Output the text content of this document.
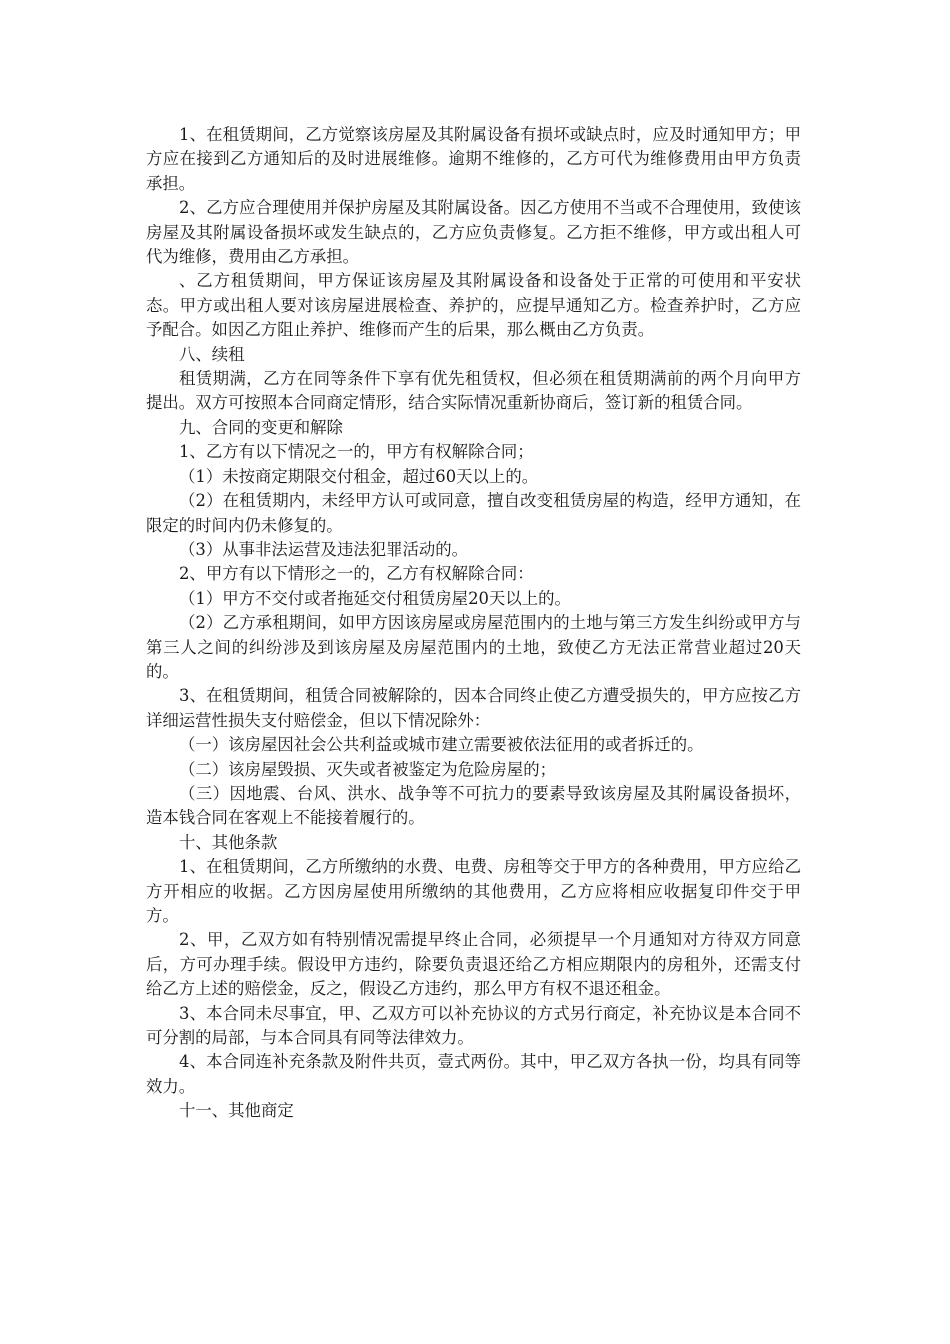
1、在租赁期间，乙方觉察该房屋及其附属设备有损坏或缺点时，应及时通知甲方；甲方应在接到乙方通知后的及时进展维修。逾期不维修的，乙方可代为维修费用由甲方负责承担。

2、乙方应合理使用并保护房屋及其附属设备。因乙方使用不当或不合理使用，致使该房屋及其附属设备损坏或发生缺点的，乙方应负责修复。乙方拒不维修，甲方或出租人可代为维修，费用由乙方承担。

、乙方租赁期间，甲方保证该房屋及其附属设备和设备处于正常的可使用和平安状态。甲方或出租人要对该房屋进展检查、养护的，应提早通知乙方。检查养护时，乙方应予配合。如因乙方阻止养护、维修而产生的后果，那么概由乙方负责。

八、续租

租赁期满，乙方在同等条件下享有优先租赁权，但必须在租赁期满前的两个月向甲方提出。双方可按照本合同商定情形，结合实际情况重新协商后，签订新的租赁合同。

九、合同的变更和解除

1、乙方有以下情况之一的，甲方有权解除合同；

（1）未按商定期限交付租金，超过60天以上的。

（2）在租赁期内，未经甲方认可或同意，擅自改变租赁房屋的构造，经甲方通知，在限定的时间内仍未修复的。

（3）从事非法运营及违法犯罪活动的。

2、甲方有以下情形之一的，乙方有权解除合同：

（1）甲方不交付或者拖延交付租赁房屋20天以上的。

（2）乙方承租期间，如甲方因该房屋或房屋范围内的土地与第三方发生纠纷或甲方与第三人之间的纠纷涉及到该房屋及房屋范围内的土地，致使乙方无法正常营业超过20天的。

3、在租赁期间，租赁合同被解除的，因本合同终止使乙方遭受损失的，甲方应按乙方详细运营性损失支付赔偿金，但以下情况除外：

（一）该房屋因社会公共利益或城市建立需要被依法征用的或者拆迁的。

（二）该房屋毁损、灭失或者被鉴定为危险房屋的；

（三）因地震、台风、洪水、战争等不可抗力的要素导致该房屋及其附属设备损坏，造本钱合同在客观上不能接着履行的。

十、其他条款

1、在租赁期间，乙方所缴纳的水费、电费、房租等交于甲方的各种费用，甲方应给乙方开相应的收据。乙方因房屋使用所缴纳的其他费用，乙方应将相应收据复印件交于甲方。

2、甲，乙双方如有特别情况需提早终止合同，必须提早一个月通知对方待双方同意后，方可办理手续。假设甲方违约，除要负责退还给乙方相应期限内的房租外，还需支付给乙方上述的赔偿金，反之，假设乙方违约，那么甲方有权不退还租金。

3、本合同未尽事宜，甲、乙双方可以补充协议的方式另行商定，补充协议是本合同不可分割的局部，与本合同具有同等法律效力。

4、本合同连补充条款及附件共页，壹式两份。其中，甲乙双方各执一份，均具有同等效力。

十一、其他商定
